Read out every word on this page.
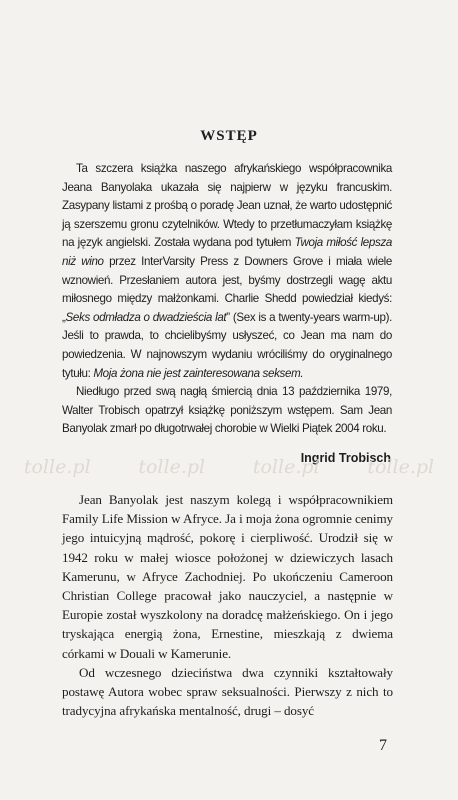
WSTĘP

Ta szczera książka naszego afrykańskiego współpracownika Jeana Banyolaka ukazała się najpierw w języku francuskim. Zasypany listami z prośbą o poradę Jean uznał, że warto udostępnić ją szerszemu gronu czytelników. Wtedy to przetłumaczyłam książkę na język angielski. Została wydana pod tytułem Twoja miłość lepsza niż wino przez InterVarsity Press z Downers Grove i miała wiele wznowień. Przesłaniem autora jest, byśmy dostrzegli wagę aktu miłosnego między małżonkami. Charlie Shedd powiedział kiedyś: „Seks odmładza o dwadzieścia lat” (Sex is a twenty-years warm-up). Jeśli to prawda, to chcielibyśmy usłyszeć, co Jean ma nam do powiedzenia. W najnowszym wydaniu wróciliśmy do oryginalnego tytułu: Moja żona nie jest zainteresowana seksem.

Niedługo przed swą nagłą śmiercią dnia 13 października 1979, Walter Trobisch opatrzył książkę poniższym wstępem. Sam Jean Banyolak zmarł po długotrwałej chorobie w Wielki Piątek 2004 roku.

Ingrid Trobisch
tolle.pl	tolle.pl	tolle.pl	tolle.pl

Jean Banyolak jest naszym kolegą i współpracownikiem Family Life Mission w Afryce. Ja i moja żona ogromnie cenimy jego intuicyjną mądrość, pokorę i cierpliwość. Urodził się w 1942 roku w małej wiosce położonej w dziewiczych lasach Kamerunu, w Afryce Zachodniej. Po ukończeniu Cameroon Christian College pracował jako nauczyciel, a następnie w Europie został wyszkolony na doradcę małżeńskiego. On i jego tryskająca energią żona, Ernestine, mieszkają z dwiema córkami w Douali w Kamerunie.

Od wczesnego dzieciństwa dwa czynniki kształtowały postawę Autora wobec spraw seksualności. Pierwszy z nich to tradycyjna afrykańska mentalność, drugi – dosyć

7
